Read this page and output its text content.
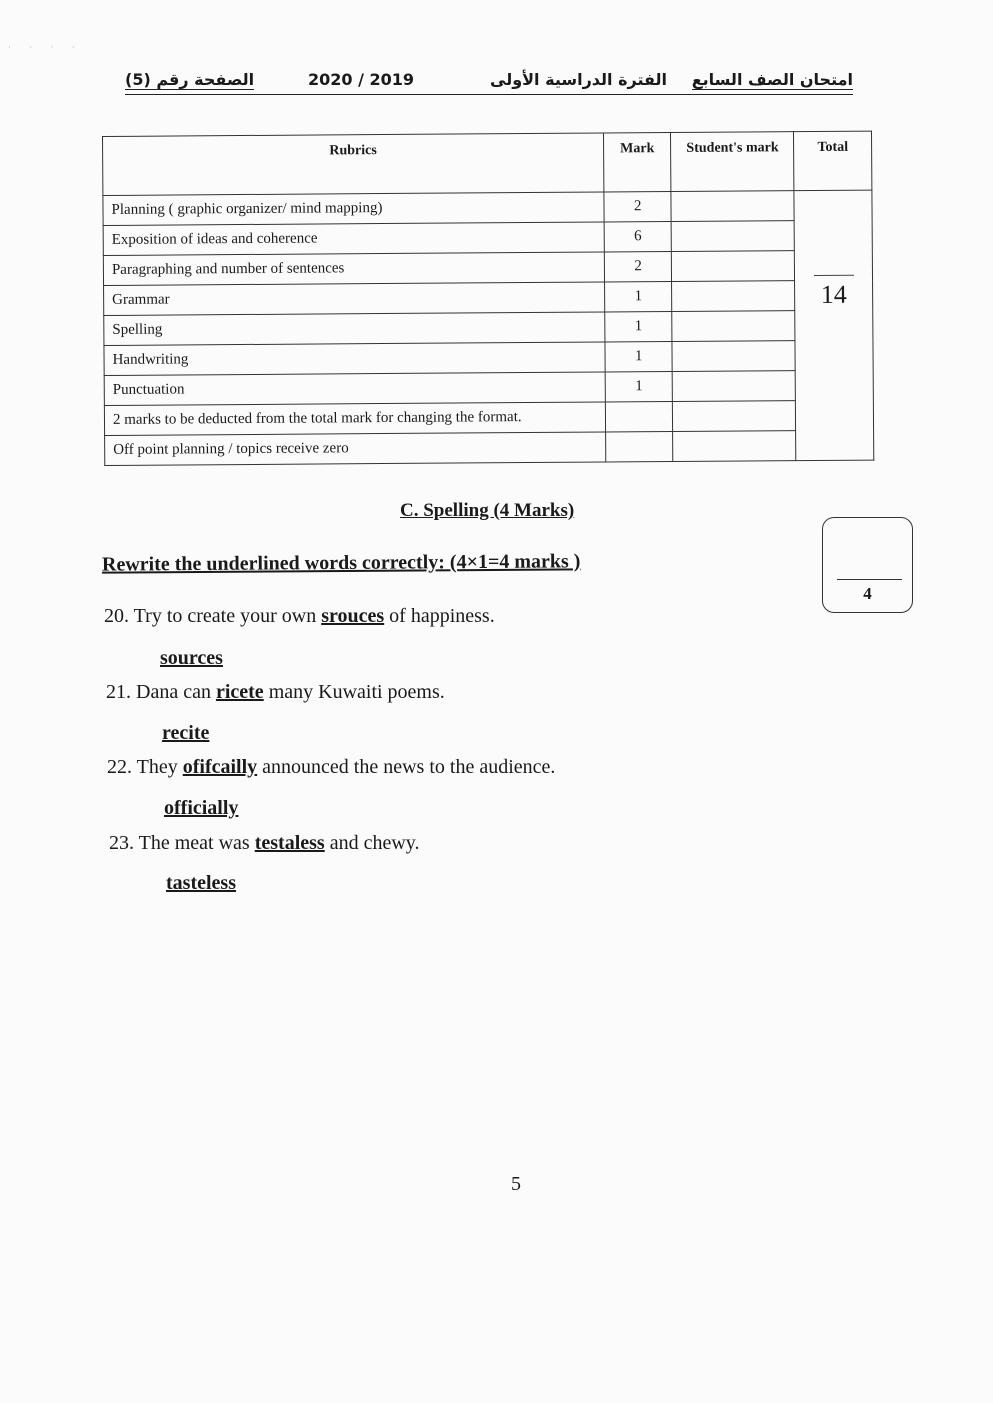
· · · ·
امتحان الصف السابع
الفترة الدراسية الأولى
2020 / 2019
الصفحة رقم (5)
Rubrics	Mark	Student's mark	Total
Planning ( graphic organizer/ mind mapping)	2		14
Exposition of ideas and coherence	6		
Paragraphing and number of sentences	2		
Grammar	1		
Spelling	1		
Handwriting	1		
Punctuation	1		
2 marks to be deducted from the total mark for changing the format.			
Off point planning / topics receive zero			
C. Spelling (4 Marks)
Rewrite the underlined words correctly: (4×1=4 marks )
4
20. Try to create your own srouces of happiness.
sources
21. Dana can ricete many Kuwaiti poems.
recite
22. They ofifcailly announced the news to the audience.
officially
23. The meat was testaless and chewy.
tasteless
5
